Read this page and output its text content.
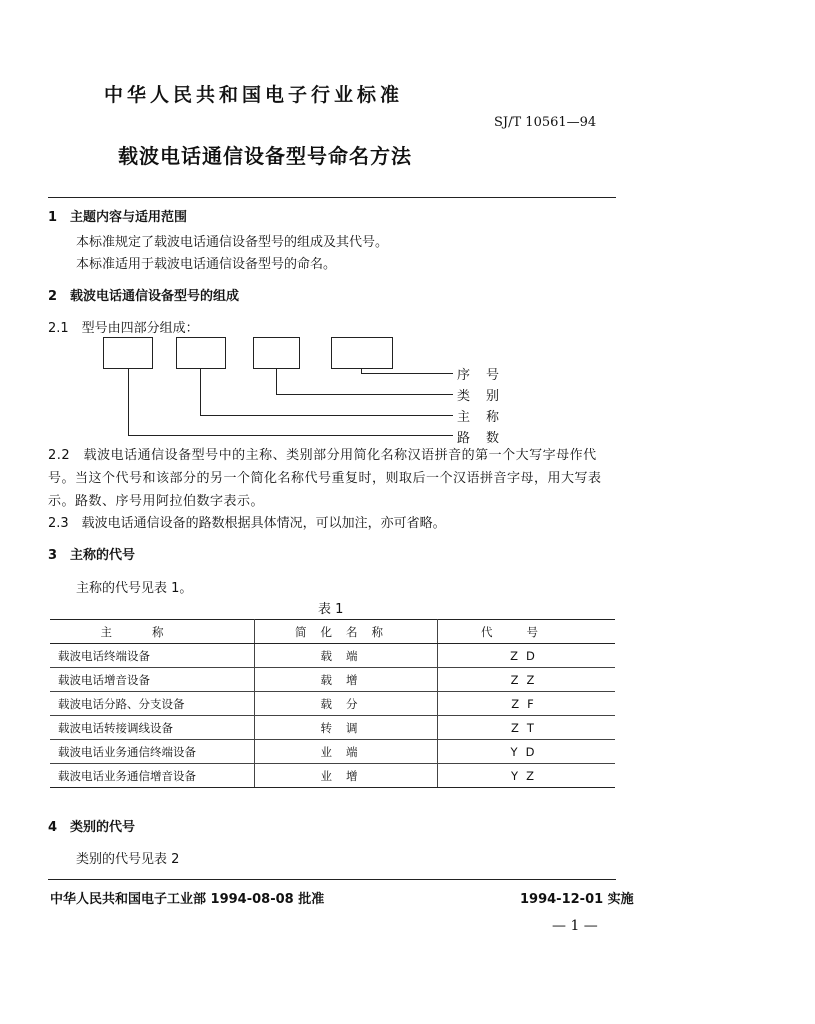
中华人民共和国电子行业标准
SJ/T 10561—94
载波电话通信设备型号命名方法
1　主题内容与适用范围
本标准规定了载波电话通信设备型号的组成及其代号。
本标准适用于载波电话通信设备型号的命名。
2　载波电话通信设备型号的组成
2.1　型号由四部分组成：
序号
类别
主称
路数
2.2　载波电话通信设备型号中的主称、类别部分用简化名称汉语拼音的第一个大写字母作代号。当这个代号和该部分的另一个简化名称代号重复时，则取后一个汉语拼音字母，用大写表示。路数、序号用阿拉伯数字表示。
2.3　载波电话通信设备的路数根据具体情况，可以加注，亦可省略。
3　主称的代号
主称的代号见表 1。
表 1
主称	简化名称	代号
载波电话终端设备	载端	ZD
载波电话增音设备	载增	ZZ
载波电话分路、分支设备	载分	ZF
载波电话转接调线设备	转调	ZT
载波电话业务通信终端设备	业端	YD
载波电话业务通信增音设备	业增	YZ
4　类别的代号
类别的代号见表 2
中华人民共和国电子工业部 1994-08-08 批准	1994-12-01 实施
— 1 —
